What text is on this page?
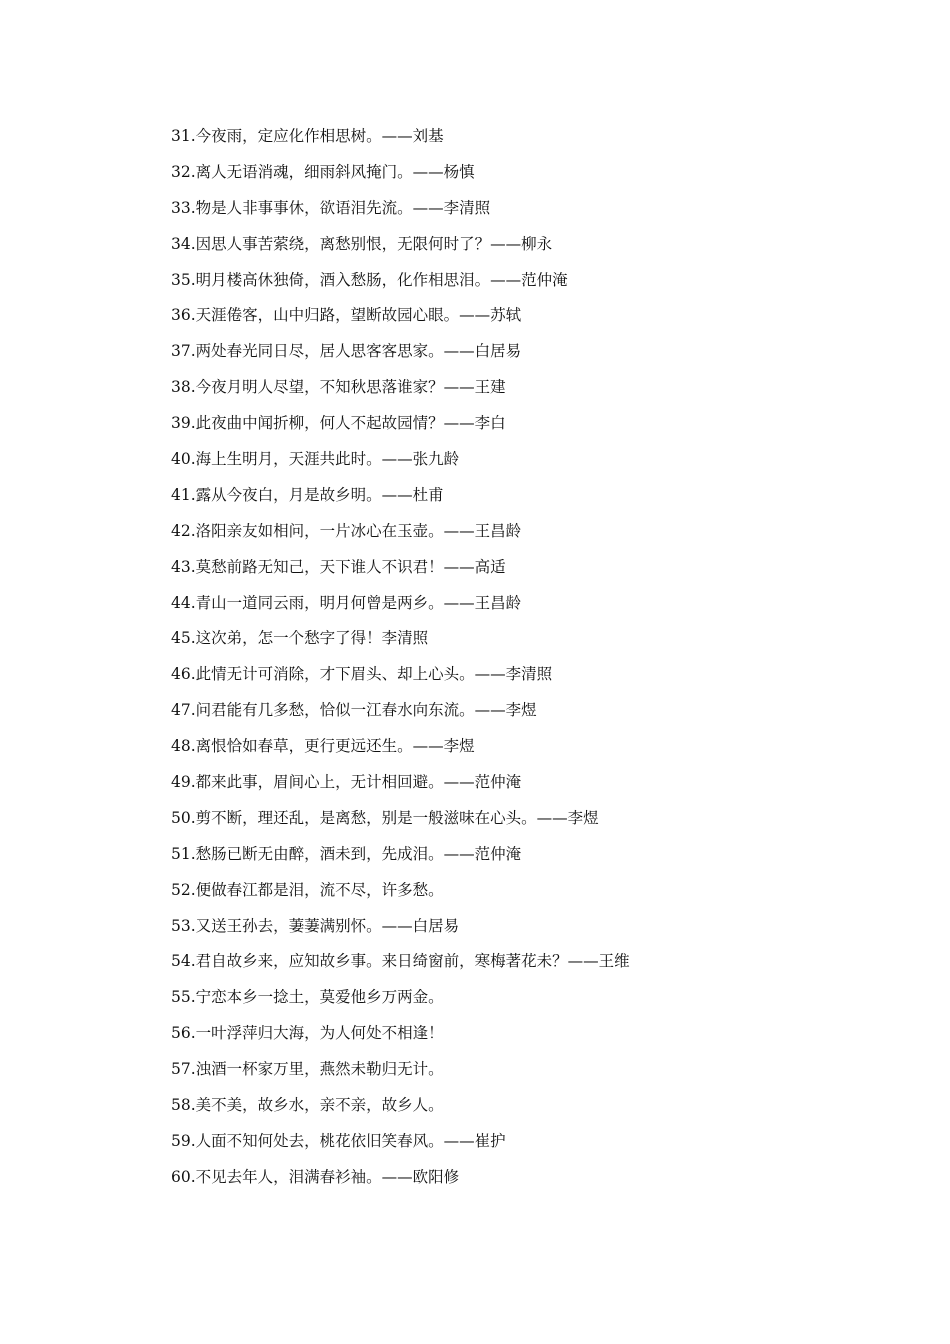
31.今夜雨，定应化作相思树。——刘基
32.离人无语消魂，细雨斜风掩门。——杨慎
33.物是人非事事休，欲语泪先流。——李清照
34.因思人事苦萦绕，离愁别恨，无限何时了？——柳永
35.明月楼高休独倚，酒入愁肠，化作相思泪。——范仲淹
36.天涯倦客，山中归路，望断故园心眼。——苏轼
37.两处春光同日尽，居人思客客思家。——白居易
38.今夜月明人尽望，不知秋思落谁家？——王建
39.此夜曲中闻折柳，何人不起故园情？——李白
40.海上生明月，天涯共此时。——张九龄
41.露从今夜白，月是故乡明。——杜甫
42.洛阳亲友如相问，一片冰心在玉壶。——王昌龄
43.莫愁前路无知己，天下谁人不识君！——高适
44.青山一道同云雨，明月何曾是两乡。——王昌龄
45.这次弟，怎一个愁字了得！李清照
46.此情无计可消除，才下眉头、却上心头。——李清照
47.问君能有几多愁，恰似一江春水向东流。——李煜
48.离恨恰如春草，更行更远还生。——李煜
49.都来此事，眉间心上，无计相回避。——范仲淹
50.剪不断，理还乱，是离愁，别是一般滋味在心头。——李煜
51.愁肠已断无由醉，酒未到，先成泪。——范仲淹
52.便做春江都是泪，流不尽，许多愁。
53.又送王孙去，萋萋满别怀。——白居易
54.君自故乡来，应知故乡事。来日绮窗前，寒梅著花未？——王维
55.宁恋本乡一捻土，莫爱他乡万两金。
56.一叶浮萍归大海，为人何处不相逢！
57.浊酒一杯家万里，燕然未勒归无计。
58.美不美，故乡水，亲不亲，故乡人。
59.人面不知何处去，桃花依旧笑春风。——崔护
60.不见去年人，泪满春衫袖。——欧阳修
